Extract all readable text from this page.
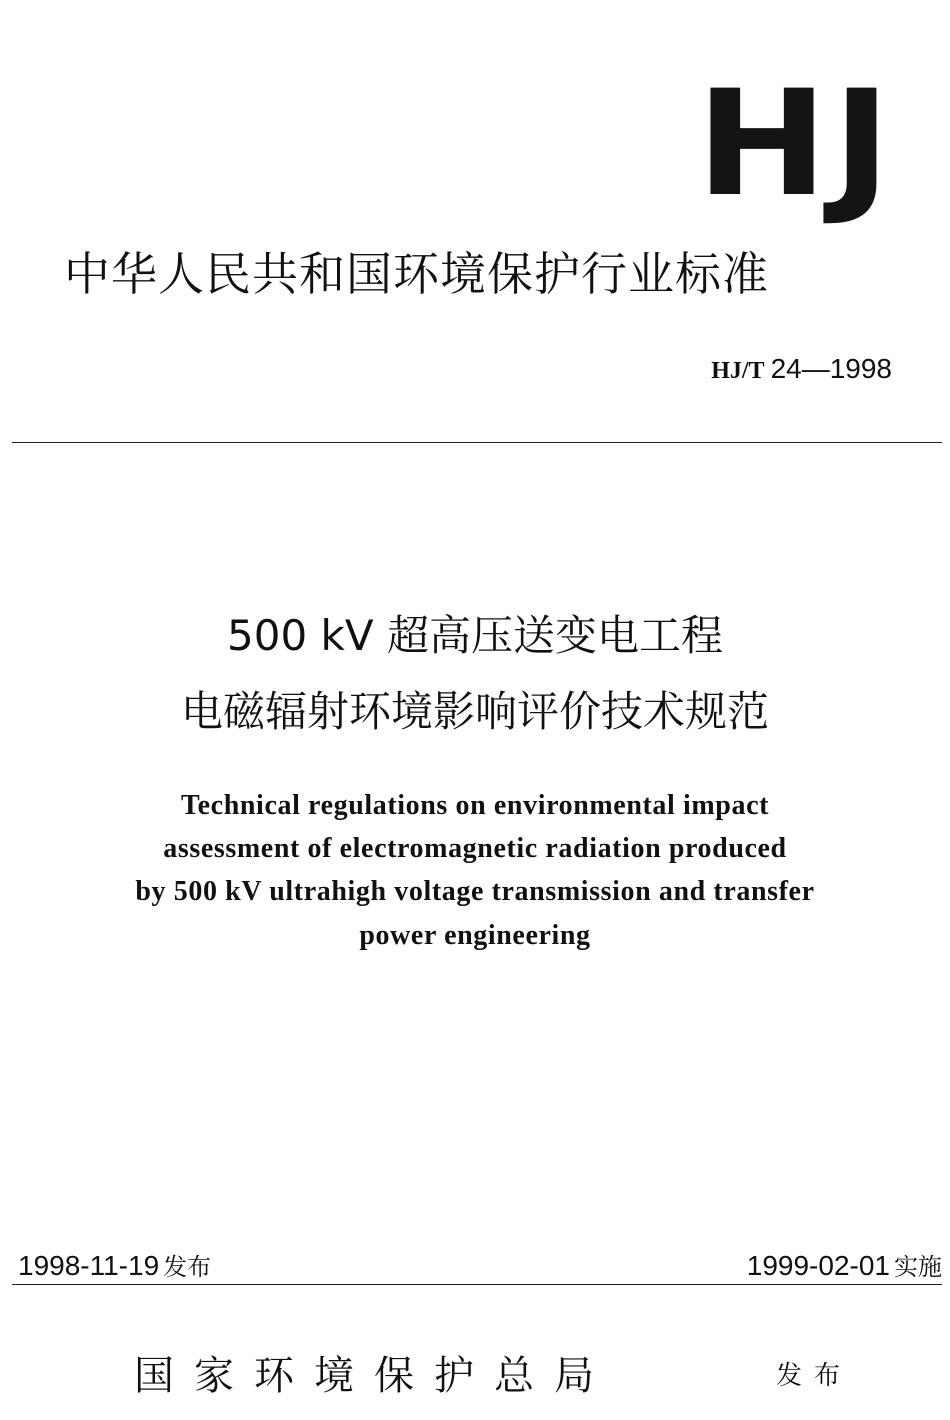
HJ
中华人民共和国环境保护行业标准
HJ/T 24—1998
500 kV 超高压送变电工程
电磁辐射环境影响评价技术规范
Technical regulations on environmental impact
assessment of electromagnetic radiation produced
by 500 kV ultrahigh voltage transmission and transfer
power engineering
1998-11-19 发布	1999-02-01 实施
国家环境保护总局	发布
